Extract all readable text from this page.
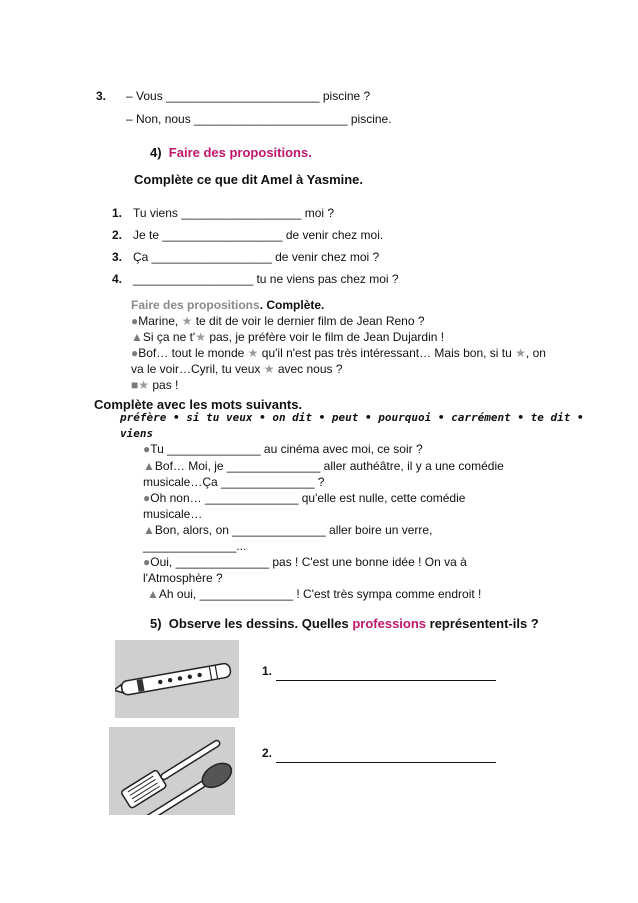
3. – Vous _______________________ piscine ?
– Non, nous _______________________ piscine.
4) Faire des propositions.
Complète ce que dit Amel à Yasmine.
1. Tu viens __________________ moi ?
2. Je te __________________ de venir chez moi.
3. Ça __________________ de venir chez moi ?
4. __________________ tu ne viens pas chez moi ?
Faire des propositions. Complète.
●Marine, ★ te dit de voir le dernier film de Jean Reno ?
▲Si ça ne t'★ pas, je préfère voir le film de Jean Dujardin !
●Bof… tout le monde ★ qu'il n'est pas très intéressant… Mais bon, si tu ★, on
va le voir…Cyril, tu veux ★ avec nous ?
■★ pas !
Complète avec les mots suivants.
préfère • si tu veux • on dit • peut • pourquoi • carrément • te dit •
viens
●Tu ______________ au cinéma avec moi, ce soir ?
▲Bof… Moi, je ______________ aller authéâtre, il y a une comédie
musicale…Ça ______________ ?
●Oh non… ______________ qu'elle est nulle, cette comédie
musicale…
▲Bon, alors, on ______________ aller boire un verre,
______________...
●Oui, ______________ pas ! C'est une bonne idée ! On va à
l'Atmosphère ?
▲Ah oui, ______________ ! C'est très sympa comme endroit !
5) Observe les dessins. Quelles professions représentent-ils ?
1.
2.
